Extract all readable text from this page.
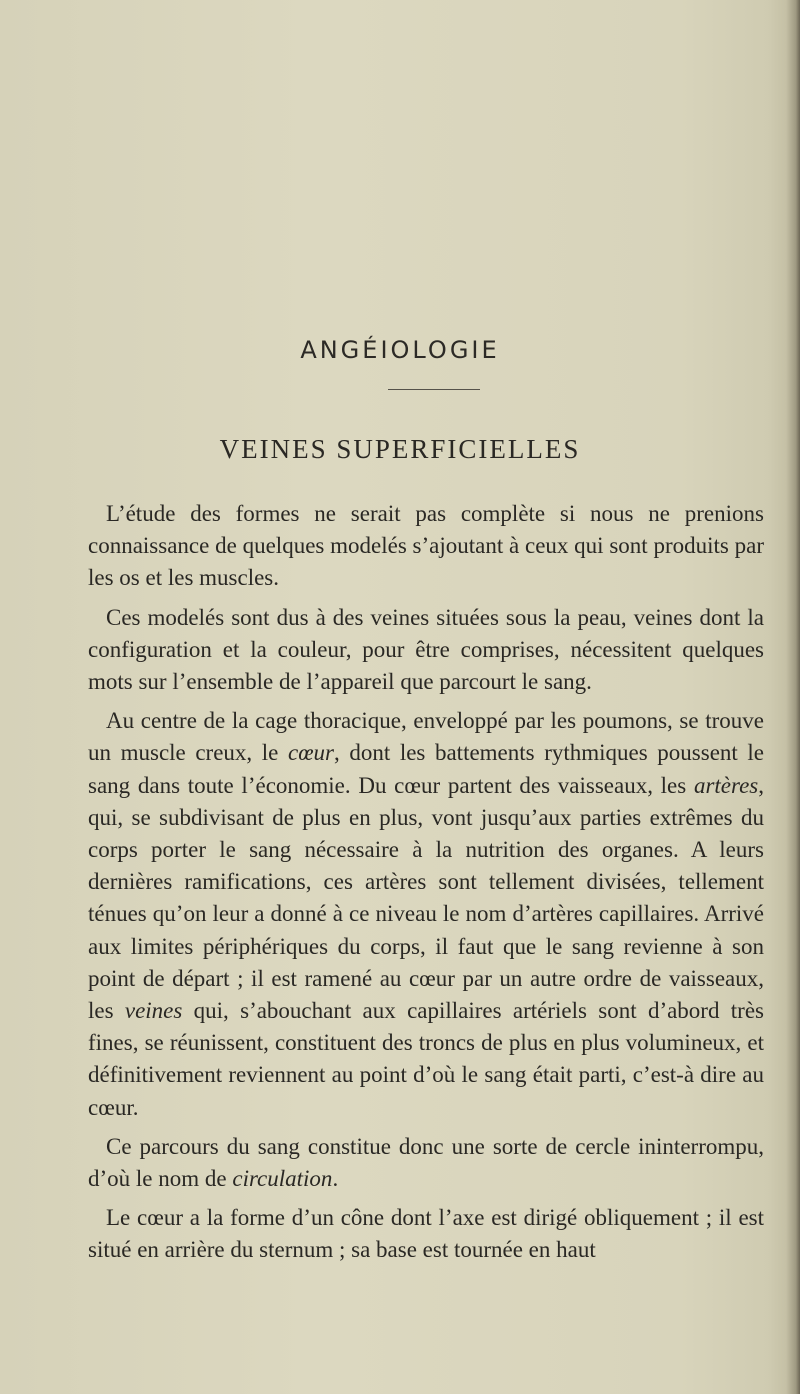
ANGÉIOLOGIE
VEINES SUPERFICIELLES

L’étude des formes ne serait pas complète si nous ne prenions connaissance de quelques modelés s’ajoutant à ceux qui sont produits par les os et les muscles.

Ces modelés sont dus à des veines situées sous la peau, veines dont la configuration et la couleur, pour être comprises, nécessitent quelques mots sur l’ensemble de l’appareil que parcourt le sang.

Au centre de la cage thoracique, enveloppé par les poumons, se trouve un muscle creux, le cœur, dont les battements rythmiques poussent le sang dans toute l’économie. Du cœur partent des vaisseaux, les artères, qui, se subdivisant de plus en plus, vont jusqu’aux parties extrêmes du corps porter le sang nécessaire à la nutrition des organes. A leurs dernières ramifications, ces artères sont tellement divisées, tellement ténues qu’on leur a donné à ce niveau le nom d’artères capillaires. Arrivé aux limites périphériques du corps, il faut que le sang revienne à son point de départ ; il est ramené au cœur par un autre ordre de vaisseaux, les veines qui, s’abouchant aux capillaires artériels sont d’abord très fines, se réunissent, constituent des troncs de plus en plus volumineux, et définitivement reviennent au point d’où le sang était parti, c’est-à dire au cœur.

Ce parcours du sang constitue donc une sorte de cercle ininterrompu, d’où le nom de circulation.

Le cœur a la forme d’un cône dont l’axe est dirigé obliquement ; il est situé en arrière du sternum ; sa base est tournée en haut
